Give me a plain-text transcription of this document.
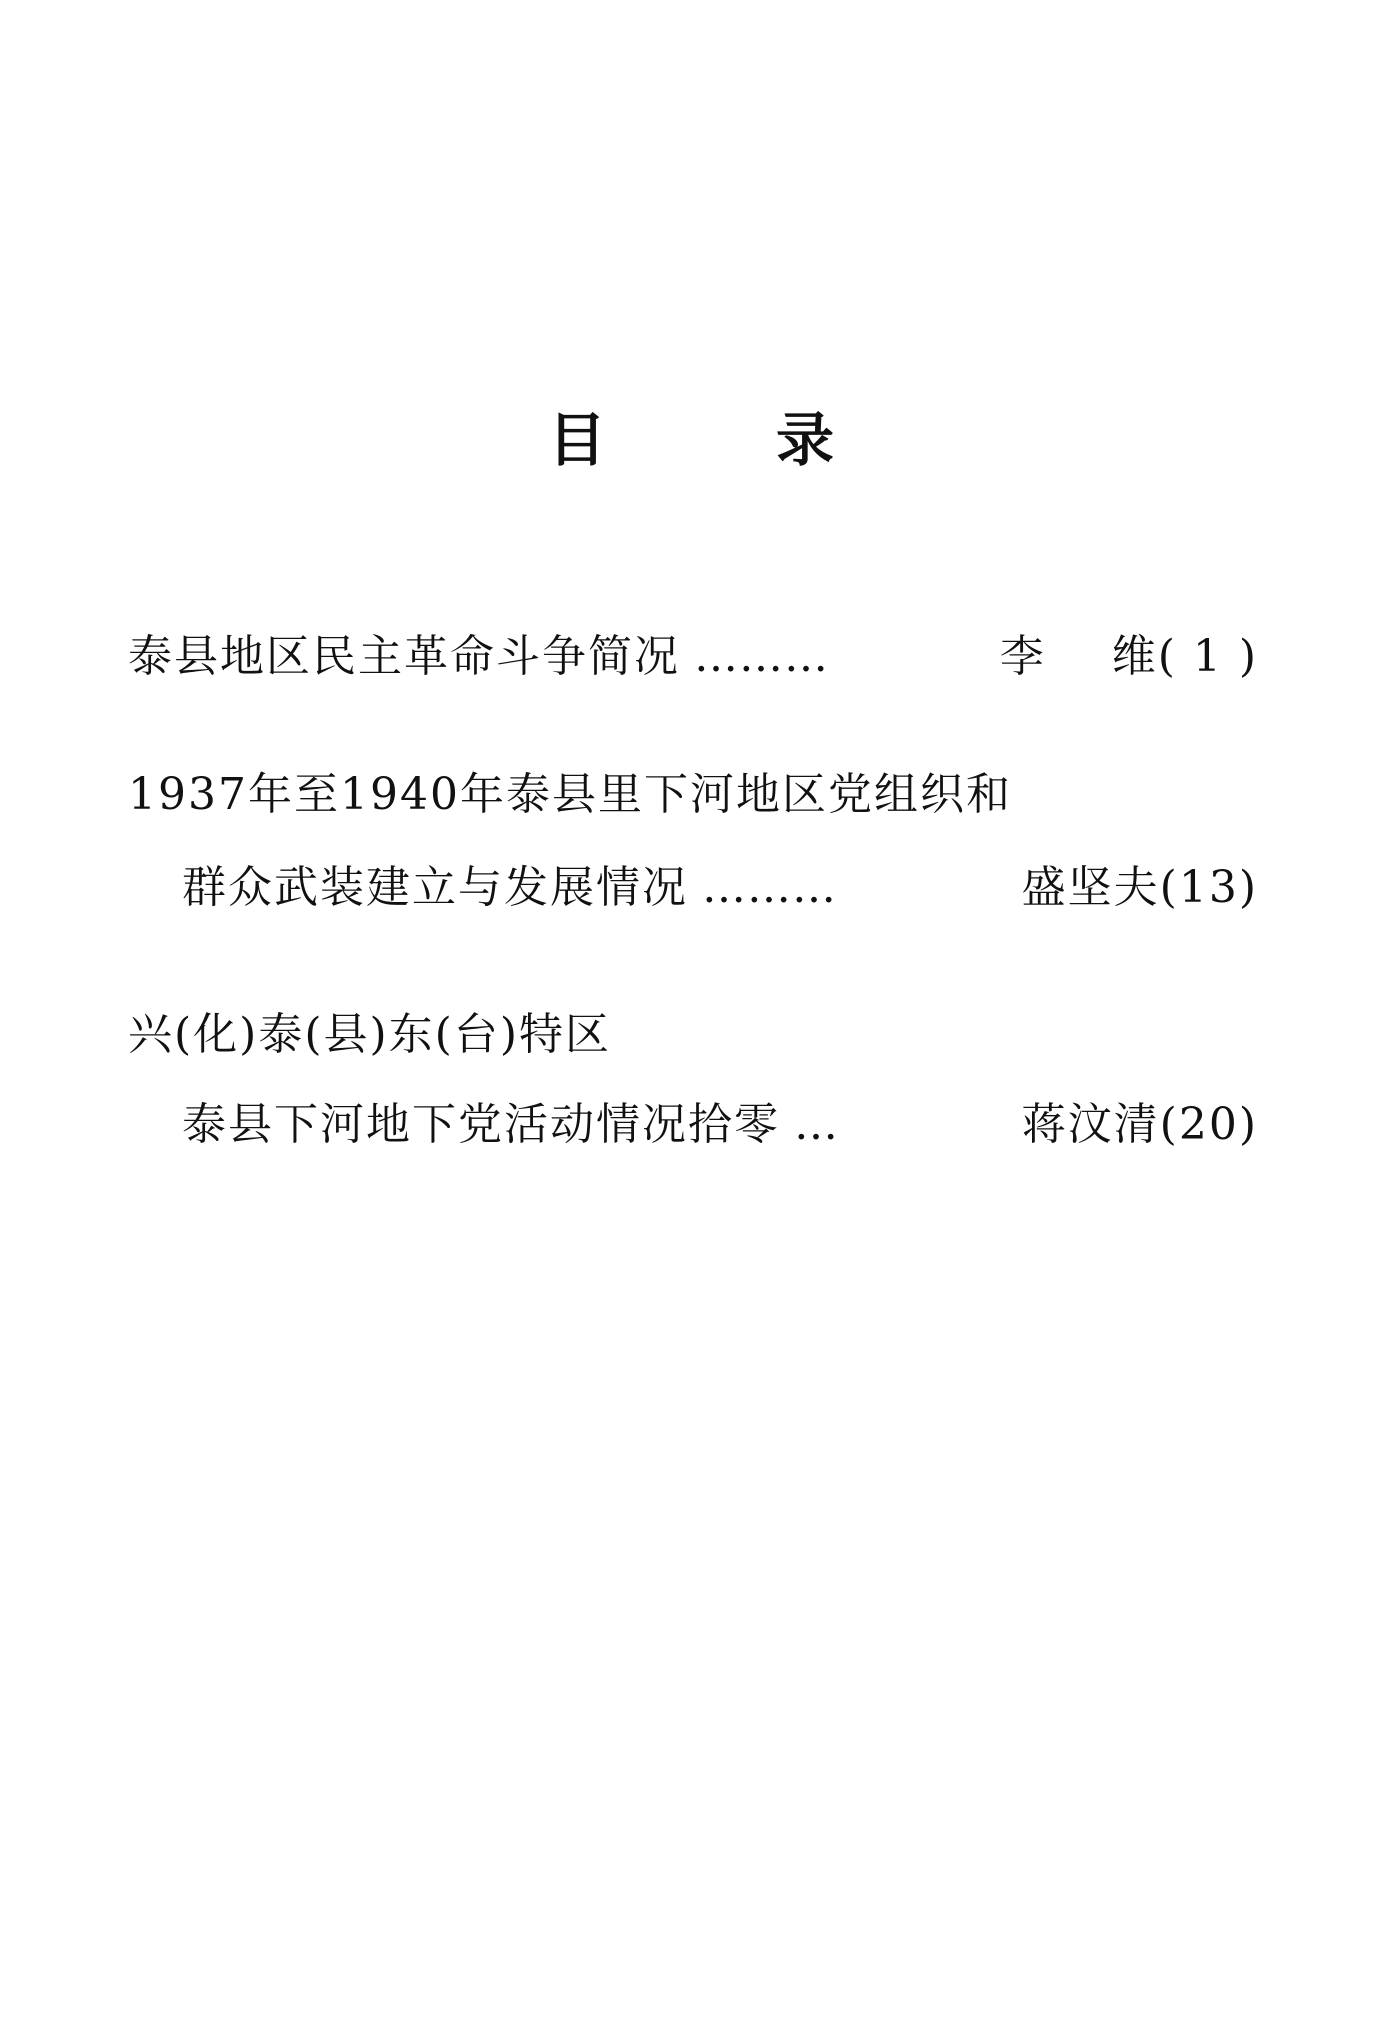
目	录
泰县地区民主革命斗争简况 ………	李 维( 1 )
1937年至1940年泰县里下河地区党组织和
群众武装建立与发展情况 ………	盛坚夫(13)
兴(化)泰(县)东(台)特区
泰县下河地下党活动情况拾零 …	蒋汶清(20)
